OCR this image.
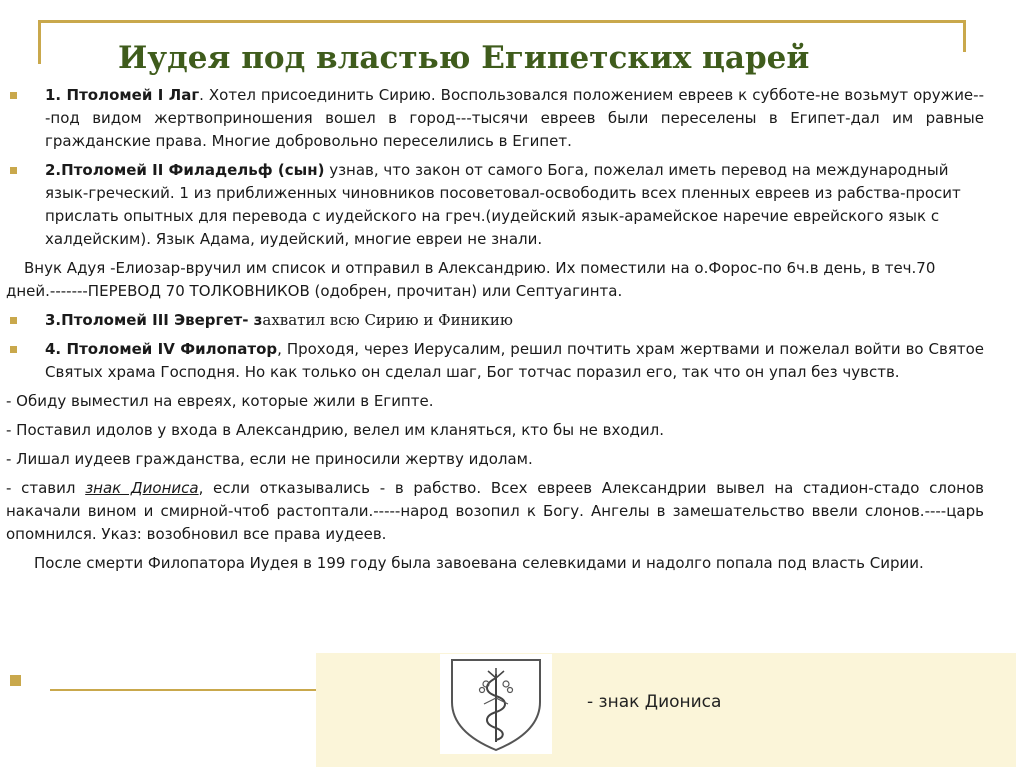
Иудея под властью Египетских царей
1. Птоломей I Лаг. Хотел присоединить Сирию. Воспользовался положением евреев к субботе-не возьмут оружие---под видом жертвоприношения вошел в город---тысячи евреев были переселены в Египет-дал им равные гражданские права. Многие добровольно переселились в Египет.
2.Птоломей II Филадельф (сын) узнав, что закон от самого Бога, пожелал иметь перевод на международный язык-греческий. 1 из приближенных чиновников посоветовал-освободить всех пленных евреев из рабства-просит прислать опытных для перевода с иудейского на греч.(иудейский язык-арамейское наречие еврейского язык с халдейским). Язык Адама, иудейский, многие евреи не знали.
Внук Адуя -Елиозар-вручил им список и отправил в Александрию. Их поместили на о.Форос-по 6ч.в день, в теч.70 дней.-------ПЕРЕВОД 70 ТОЛКОВНИКОВ (одобрен, прочитан) или Септуагинта.
3.Птоломей III Эвергет- захватил всю Сирию и Финикию
4. Птоломей IV Филопатор, Проходя, через Иерусалим, решил почтить храм жертвами и пожелал войти во Святое Святых храма Господня. Но как только он сделал шаг, Бог тотчас поразил его, так что он упал без чувств.
- Обиду выместил на евреях, которые жили в Египте.
- Поставил идолов у входа в Александрию, велел им кланяться, кто бы не входил.
- Лишал иудеев гражданства, если не приносили жертву идолам.
- ставил знак Диониса, если отказывались - в рабство. Всех евреев Александрии вывел на стадион-стадо слонов накачали вином и смирной-чтоб растоптали.-----народ возопил к Богу. Ангелы в замешательство ввели слонов.----царь опомнился. Указ: возобновил все права иудеев.
После смерти Филопатора Иудея в 199 году была завоевана селевкидами и надолго попала под власть Сирии.
- знак Диониса
